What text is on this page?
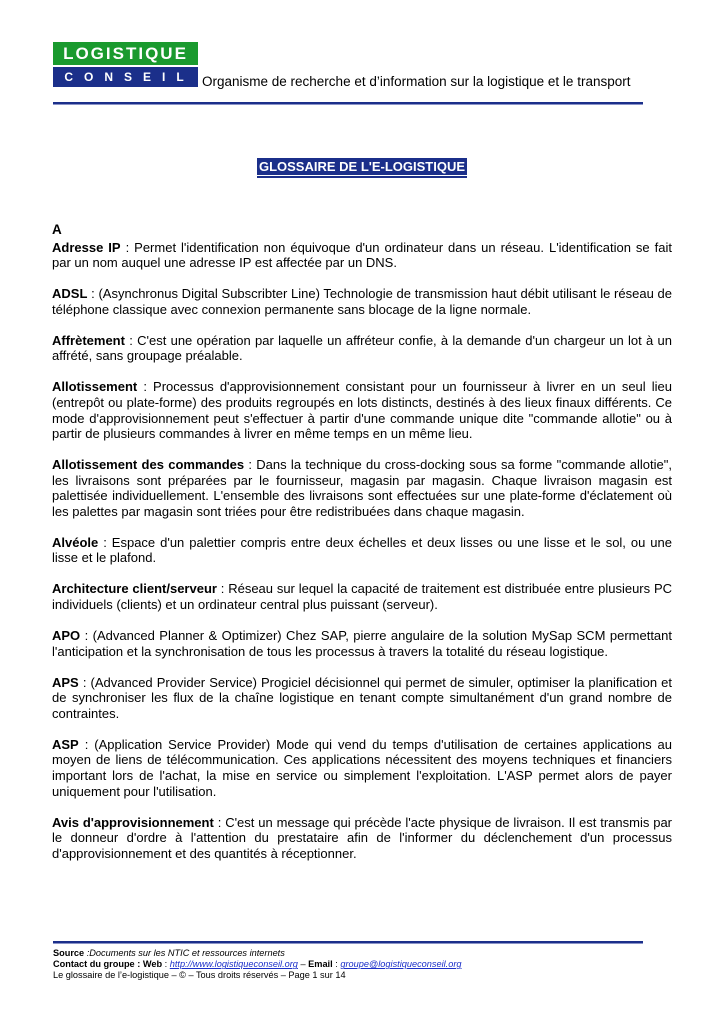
LOGISTIQUE
CONSEIL Organisme de recherche et d’information sur la logistique et le transport
GLOSSAIRE DE L'E-LOGISTIQUE
A

Adresse IP : Permet l'identification non équivoque d'un ordinateur dans un réseau. L'identification se fait par un nom auquel une adresse IP est affectée par un DNS.

ADSL : (Asynchronus Digital Subscribter Line) Technologie de transmission haut débit utilisant le réseau de téléphone classique avec connexion permanente sans blocage de la ligne normale.

Affrètement : C'est une opération par laquelle un affréteur confie, à la demande d'un chargeur un lot à un affrété, sans groupage préalable.

Allotissement : Processus d'approvisionnement consistant pour un fournisseur à livrer en un seul lieu (entrepôt ou plate-forme) des produits regroupés en lots distincts, destinés à des lieux finaux différents. Ce mode d'approvisionnement peut s'effectuer à partir d'une commande unique dite "commande allotie" ou à partir de plusieurs commandes à livrer en même temps en un même lieu.

Allotissement des commandes : Dans la technique du cross-docking sous sa forme "commande allotie", les livraisons sont préparées par le fournisseur, magasin par magasin. Chaque livraison magasin est palettisée individuellement. L'ensemble des livraisons sont effectuées sur une plate-forme d'éclatement où les palettes par magasin sont triées pour être redistribuées dans chaque magasin.

Alvéole : Espace d'un palettier compris entre deux échelles et deux lisses ou une lisse et le sol, ou une lisse et le plafond.

Architecture client/serveur : Réseau sur lequel la capacité de traitement est distribuée entre plusieurs PC individuels (clients) et un ordinateur central plus puissant (serveur).

APO : (Advanced Planner & Optimizer) Chez SAP, pierre angulaire de la solution MySap SCM permettant l'anticipation et la synchronisation de tous les processus à travers la totalité du réseau logistique.

APS : (Advanced Provider Service) Progiciel décisionnel qui permet de simuler, optimiser la planification et de synchroniser les flux de la chaîne logistique en tenant compte simultanément d'un grand nombre de contraintes.

ASP : (Application Service Provider) Mode qui vend du temps d'utilisation de certaines applications au moyen de liens de télécommunication. Ces applications nécessitent des moyens techniques et financiers important lors de l'achat, la mise en service ou simplement l'exploitation. L'ASP permet alors de payer uniquement pour l'utilisation.

Avis d'approvisionnement : C'est un message qui précède l'acte physique de livraison. Il est transmis par le donneur d'ordre à l'attention du prestataire afin de l'informer du déclenchement d'un processus d'approvisionnement et des quantités à réceptionner.

Source :Documents sur les NTIC et ressources internets
Contact du groupe : Web : http://www.logistiqueconseil.org – Email : groupe@logistiqueconseil.org
Le glossaire de l’e-logistique – © – Tous droits réservés – Page 1 sur 14
